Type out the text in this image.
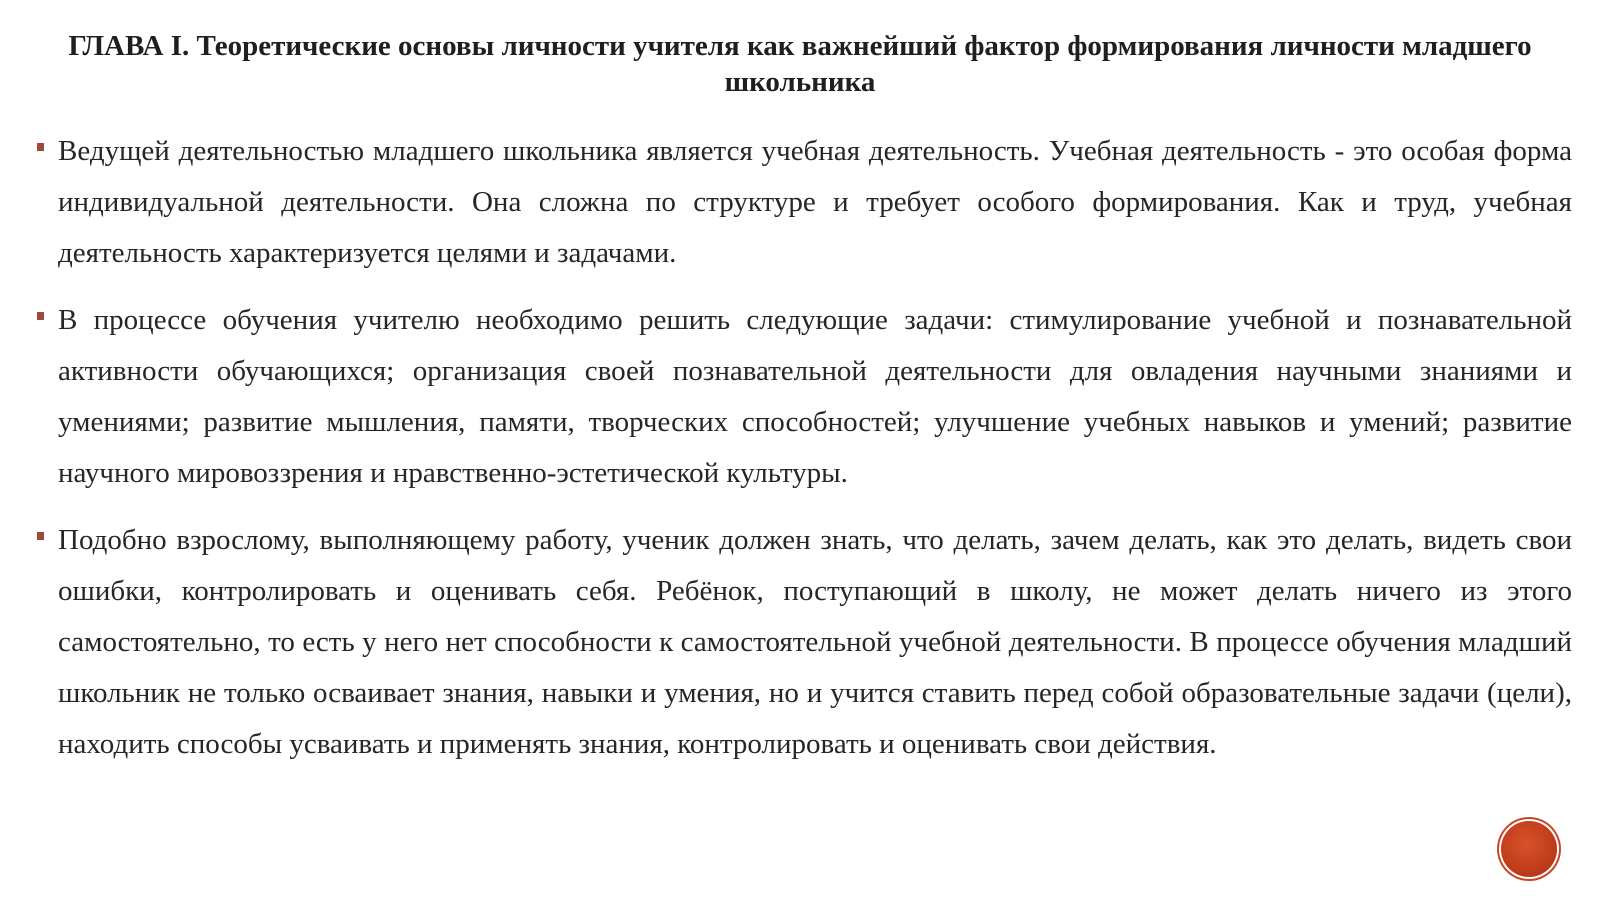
ГЛАВА I. Теоретические основы личности учителя как важнейший фактор формирования личности младшего школьника
Ведущей деятельностью младшего школьника является учебная деятельность. Учебная деятельность - это особая форма индивидуальной деятельности. Она сложна по структуре и требует особого формирования. Как и труд, учебная деятельность характеризуется целями и задачами.
В процессе обучения учителю необходимо решить следующие задачи: стимулирование учебной и познавательной активности обучающихся; организация своей познавательной деятельности для овладения научными знаниями и умениями; развитие мышления, памяти, творческих способностей; улучшение учебных навыков и умений; развитие научного мировоззрения и нравственно-эстетической культуры.
Подобно взрослому, выполняющему работу, ученик должен знать, что делать, зачем делать, как это делать, видеть свои ошибки, контролировать и оценивать себя. Ребёнок, поступающий в школу, не может делать ничего из этого самостоятельно, то есть у него нет способности к самостоятельной учебной деятельности. В процессе обучения младший школьник не только осваивает знания, навыки и умения, но и учится ставить перед собой образовательные задачи (цели), находить способы усваивать и применять знания, контролировать и оценивать свои действия.
